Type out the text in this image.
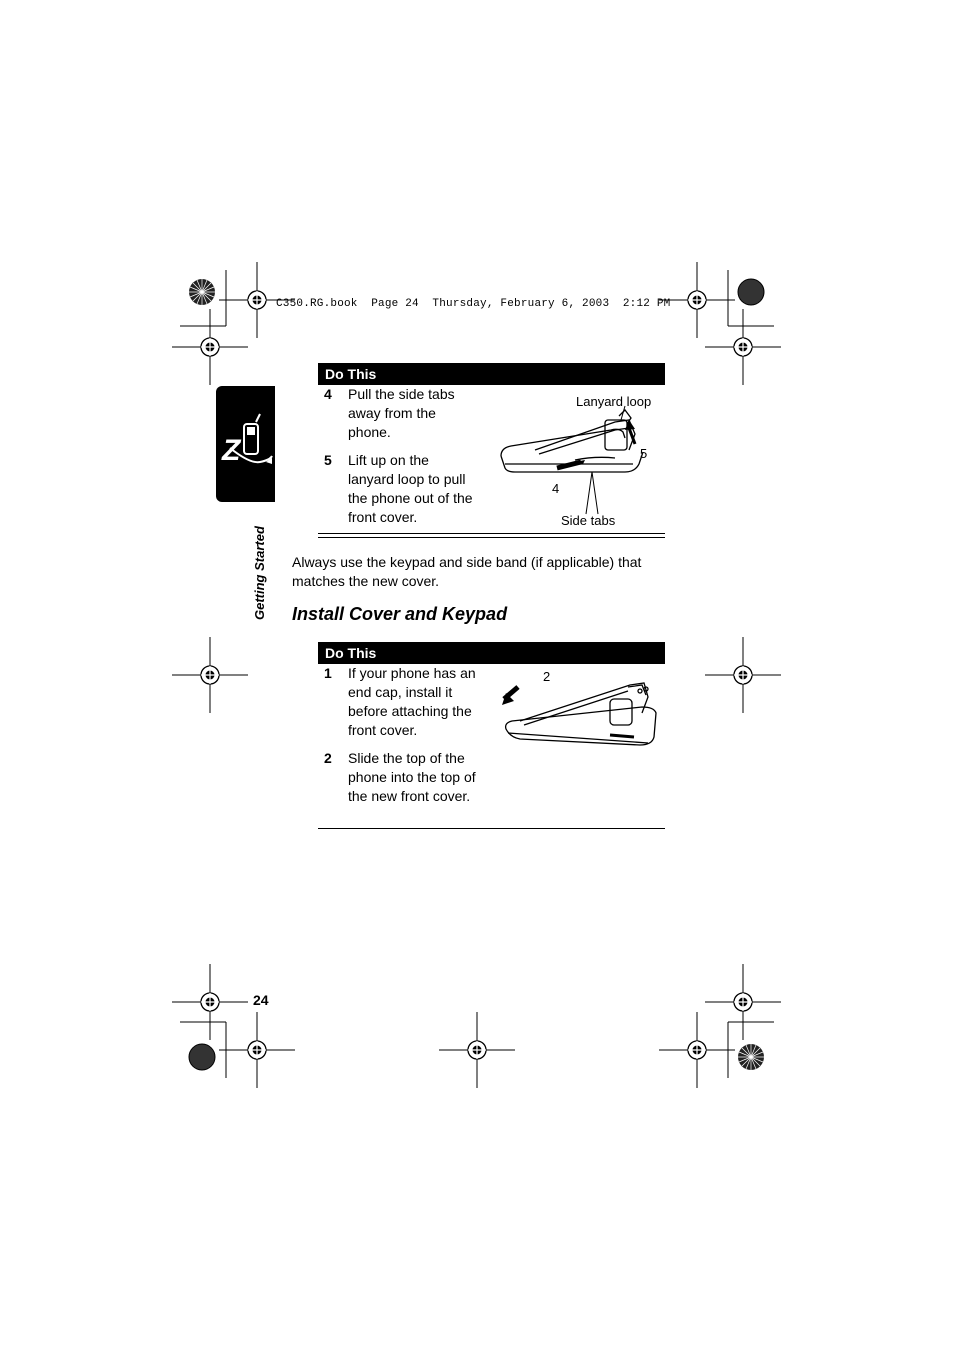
C350.RG.book  Page 24  Thursday, February 6, 2003  2:12 PM
Z
Getting Started
Do This
4 Pull the side tabs away from the phone.
5 Lift up on the lanyard loop to pull the phone out of the front cover.
Lanyard loop
5
4
Side tabs
Always use the keypad and side band (if applicable) that matches the new cover.
Install Cover and Keypad
Do This
1 If your phone has an end cap, install it before attaching the front cover.
2 Slide the top of the phone into the top of the new front cover.
2
24
